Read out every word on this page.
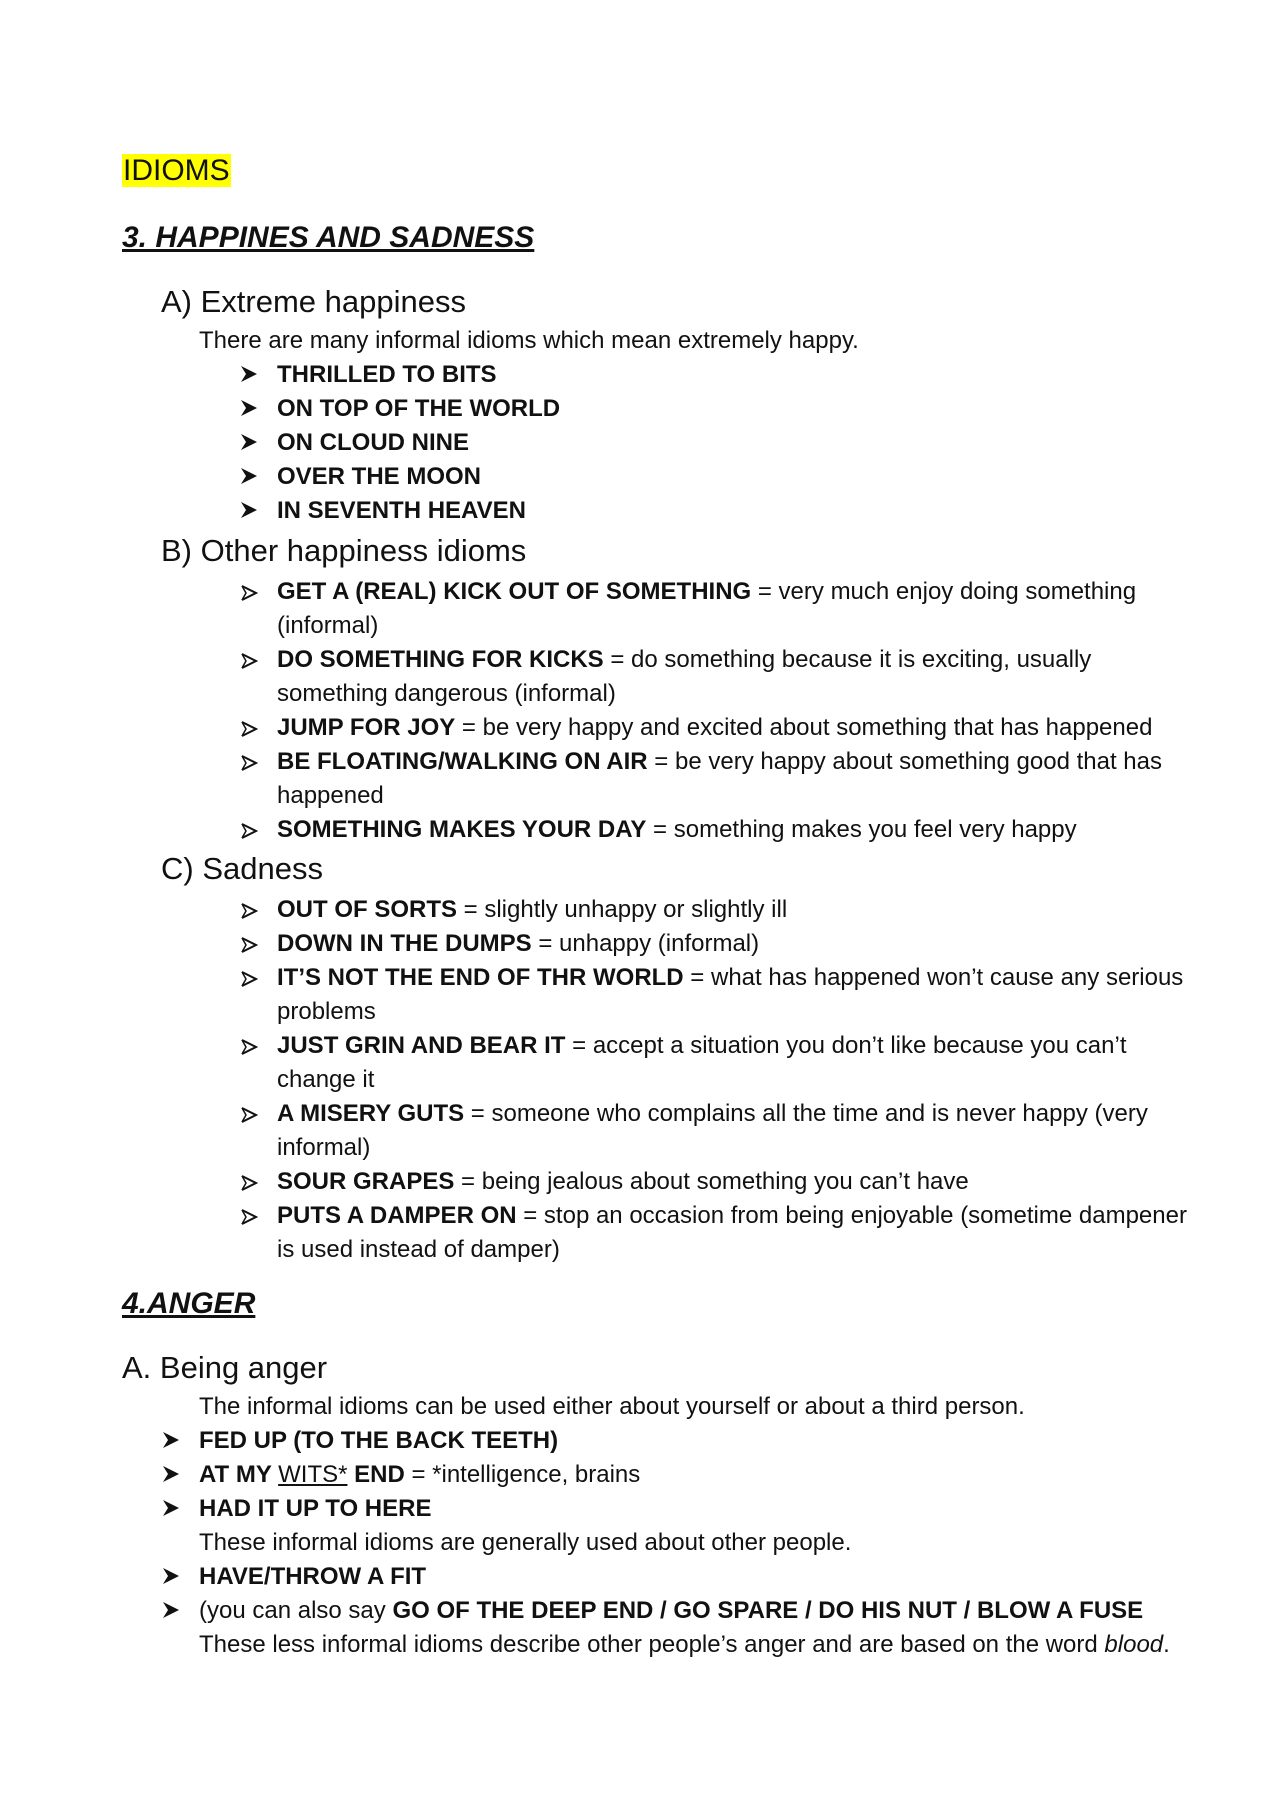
IDIOMS
3. HAPPINES AND SADNESS
A) Extreme happiness
There are many informal idioms which mean extremely happy.
THRILLED TO BITS
ON TOP OF THE WORLD
ON CLOUD NINE
OVER THE MOON
IN SEVENTH HEAVEN
B) Other happiness idioms
GET A (REAL) KICK OUT OF SOMETHING = very much enjoy doing something
(informal)
DO SOMETHING FOR KICKS = do something because it is exciting, usually
something dangerous (informal)
JUMP FOR JOY = be very happy and excited about something that has happened
BE FLOATING/WALKING ON AIR = be very happy about something good that has
happened
SOMETHING MAKES YOUR DAY = something makes you feel very happy
C) Sadness
OUT OF SORTS = slightly unhappy or slightly ill
DOWN IN THE DUMPS = unhappy (informal)
IT’S NOT THE END OF THR WORLD = what has happened won’t cause any serious
problems
JUST GRIN AND BEAR IT = accept a situation you don’t like because you can’t
change it
A MISERY GUTS = someone who complains all the time and is never happy (very
informal)
SOUR GRAPES = being jealous about something you can’t have
PUTS A DAMPER ON = stop an occasion from being enjoyable (sometime dampener
is used instead of damper)
4.ANGER
A. Being anger
The informal idioms can be used either about yourself or about a third person.
FED UP (TO THE BACK TEETH)
AT MY WITS* END = *intelligence, brains
HAD IT UP TO HERE
These informal idioms are generally used about other people.
HAVE/THROW A FIT
(you can also say GO OF THE DEEP END / GO SPARE / DO HIS NUT / BLOW A FUSE
These less informal idioms describe other people’s anger and are based on the word blood.
